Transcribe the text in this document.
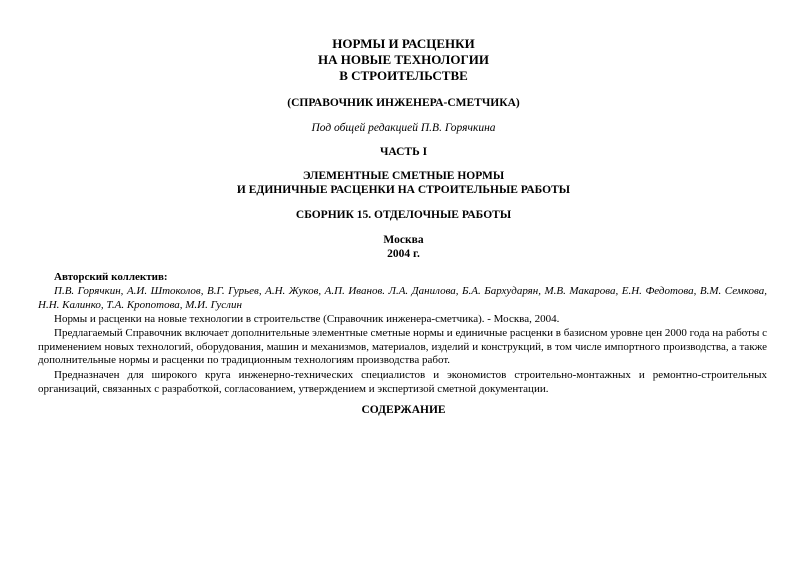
НОРМЫ И РАСЦЕНКИ
НА НОВЫЕ ТЕХНОЛОГИИ
В СТРОИТЕЛЬСТВЕ
(СПРАВОЧНИК ИНЖЕНЕРА-СМЕТЧИКА)
Под общей редакцией П.В. Горячкина
ЧАСТЬ I
ЭЛЕМЕНТНЫЕ СМЕТНЫЕ НОРМЫ
И ЕДИНИЧНЫЕ РАСЦЕНКИ НА СТРОИТЕЛЬНЫЕ РАБОТЫ
СБОРНИК 15. ОТДЕЛОЧНЫЕ РАБОТЫ
Москва
2004 г.
Авторский коллектив:
П.В. Горячкин, А.И. Штоколов, В.Г. Гурьев, А.Н. Жуков, А.П. Иванов. Л.А. Данилова, Б.А. Бархударян, М.В. Макарова, Е.Н. Федотова, В.М. Семкова, Н.Н. Калинко, Т.А. Кропотова, М.И. Гуслин
Нормы и расценки на новые технологии в строительстве (Справочник инженера-сметчика). - Москва, 2004.
Предлагаемый Справочник включает дополнительные элементные сметные нормы и единичные расценки в базисном уровне цен 2000 года на работы с применением новых технологий, оборудования, машин и механизмов, материалов, изделий и конструкций, в том числе импортного производства, а также дополнительные нормы и расценки по традиционным технологиям производства работ.
Предназначен для широкого круга инженерно-технических специалистов и экономистов строительно-монтажных и ремонтно-строительных организаций, связанных с разработкой, согласованием, утверждением и экспертизой сметной документации.
СОДЕРЖАНИЕ
